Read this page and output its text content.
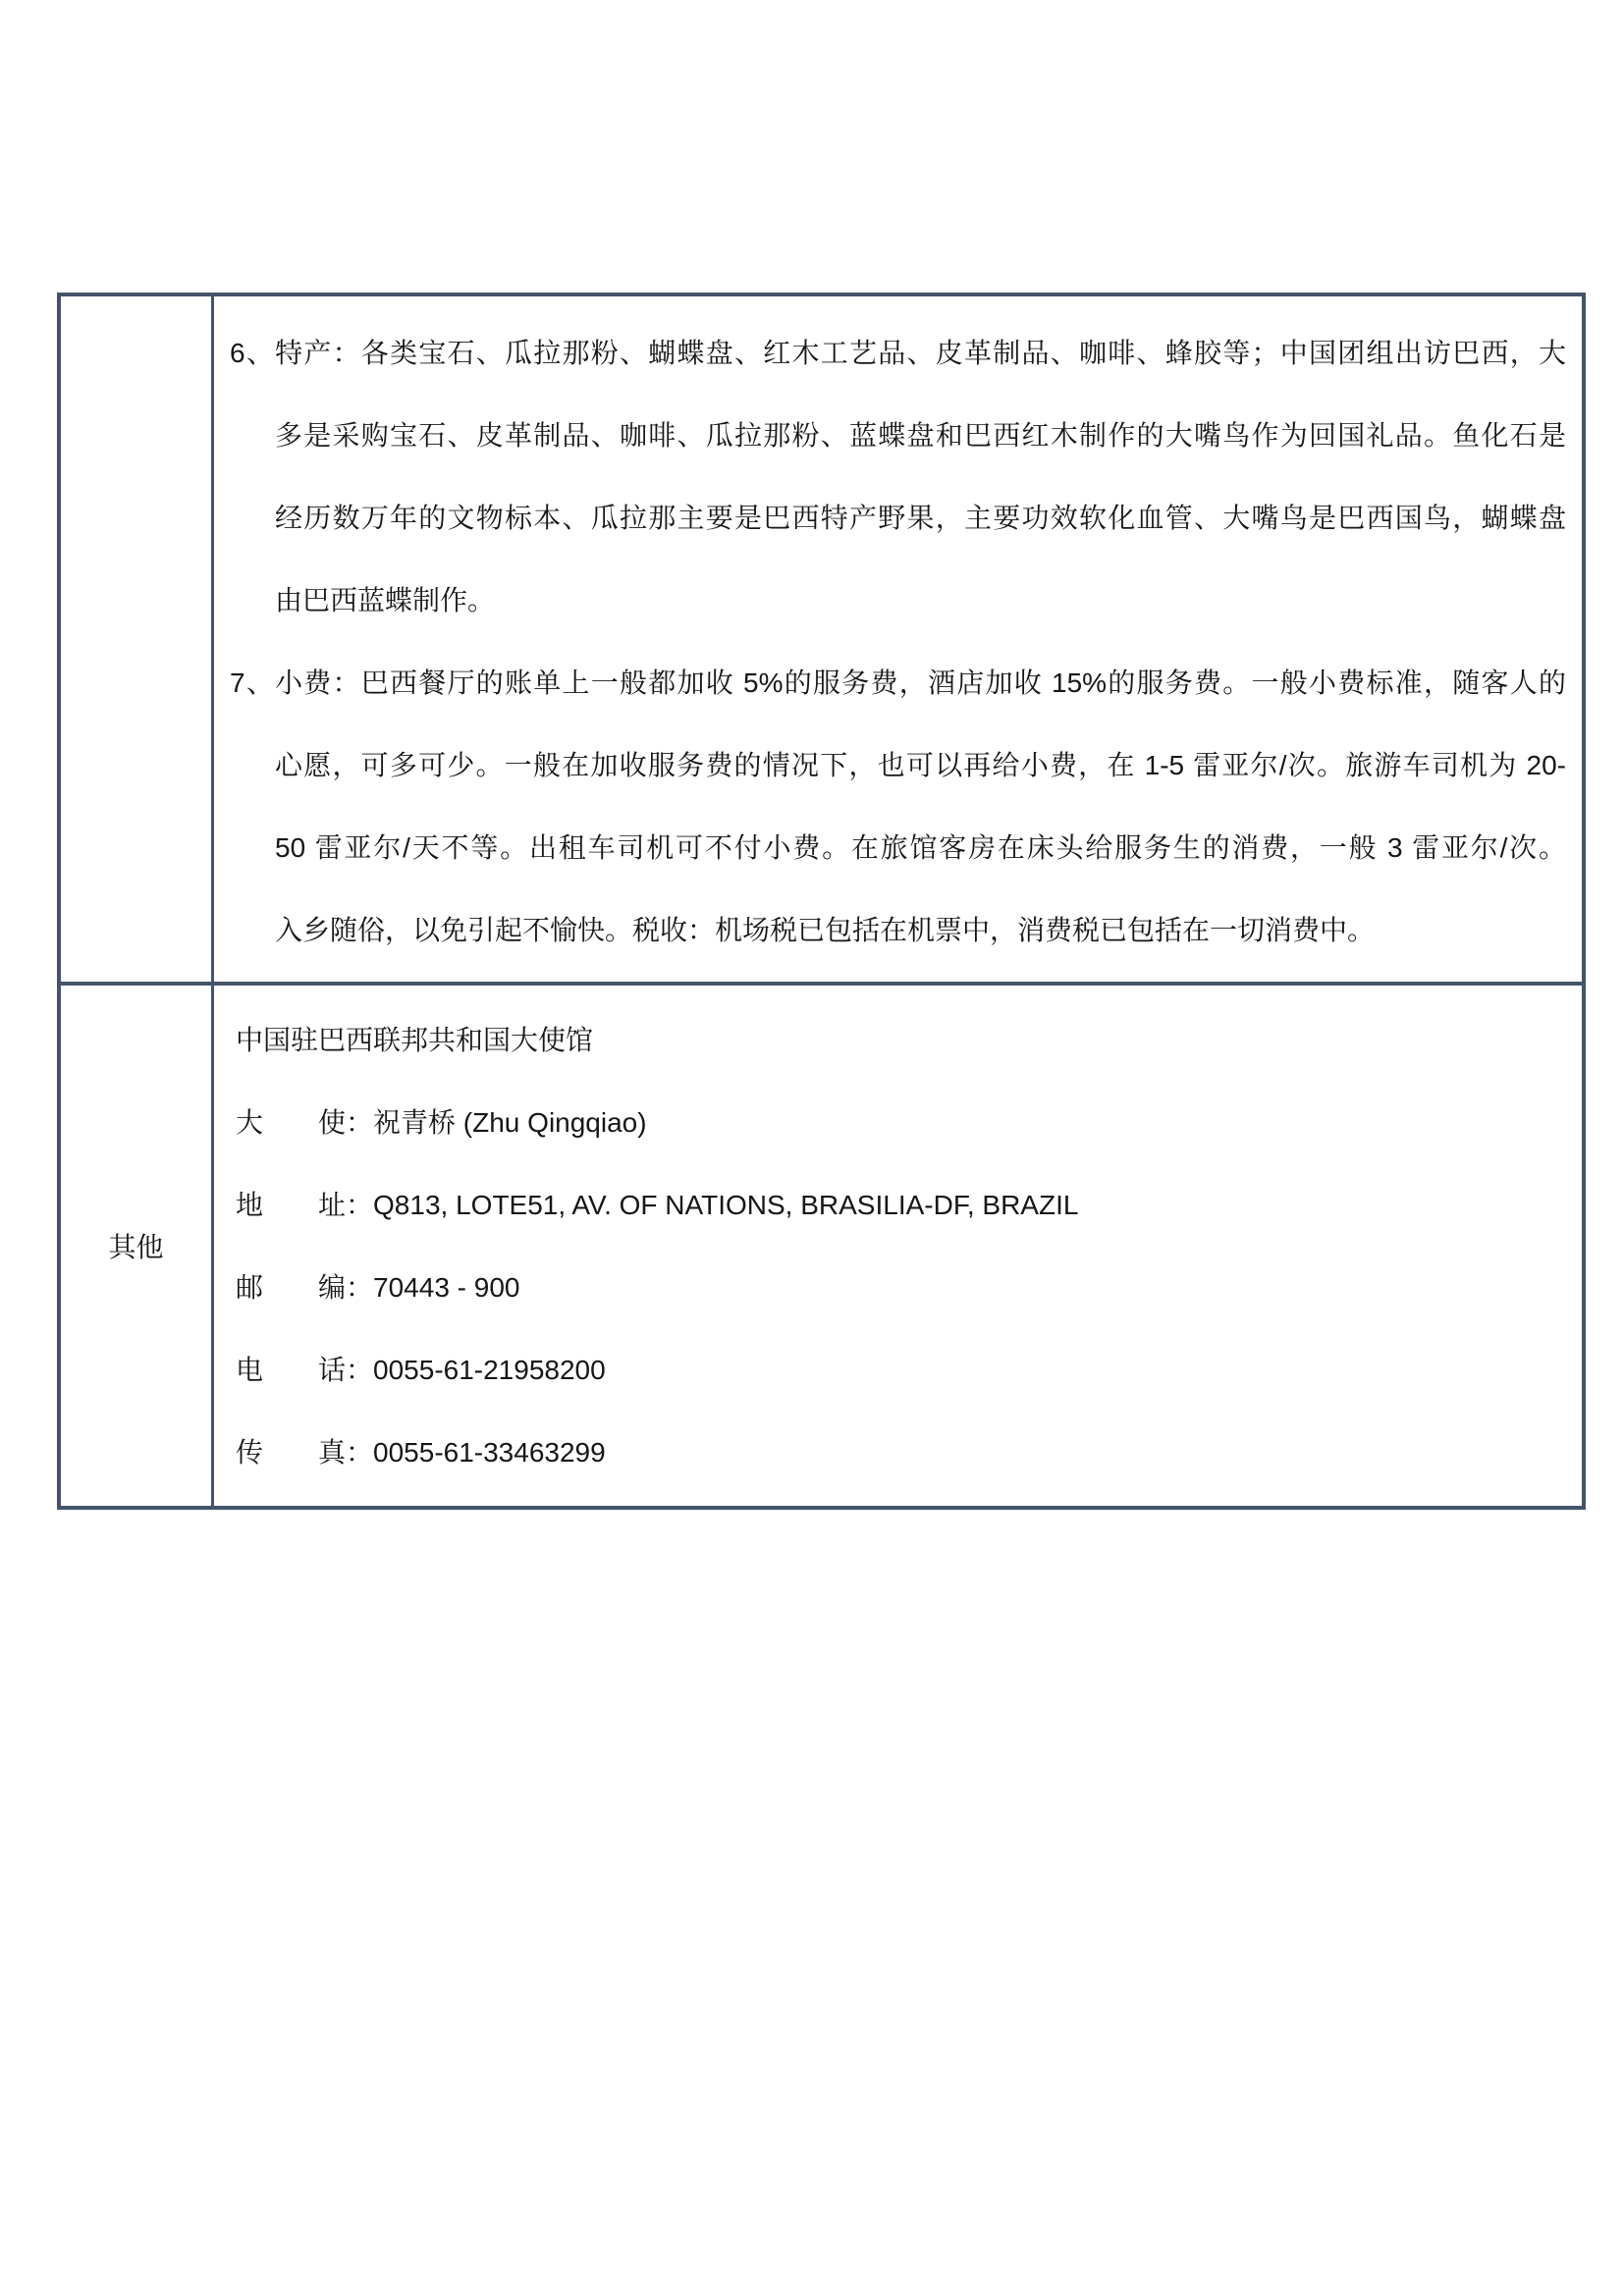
6、特产：各类宝石、瓜拉那粉、蝴蝶盘、红木工艺品、皮革制品、咖啡、蜂胶等；中国团组出访巴西，大
多是采购宝石、皮革制品、咖啡、瓜拉那粉、蓝蝶盘和巴西红木制作的大嘴鸟作为回国礼品。鱼化石是
经历数万年的文物标本、瓜拉那主要是巴西特产野果，主要功效软化血管、大嘴鸟是巴西国鸟，蝴蝶盘
由巴西蓝蝶制作。
7、小费：巴西餐厅的账单上一般都加收 5%的服务费，酒店加收 15%的服务费。一般小费标准，随客人的
心愿，可多可少。一般在加收服务费的情况下，也可以再给小费，在 1-5 雷亚尔/次。旅游车司机为 20-
50 雷亚尔/天不等。出租车司机可不付小费。在旅馆客房在床头给服务生的消费，一般 3 雷亚尔/次。
入乡随俗，以免引起不愉快。税收：机场税已包括在机票中，消费税已包括在一切消费中。
其他
中国驻巴西联邦共和国大使馆
大　　使：祝青桥 (Zhu Qingqiao)
地　　址：Q813, LOTE51, AV. OF NATIONS, BRASILIA-DF, BRAZIL
邮　　编：70443 - 900
电　　话：0055-61-21958200
传　　真：0055-61-33463299
